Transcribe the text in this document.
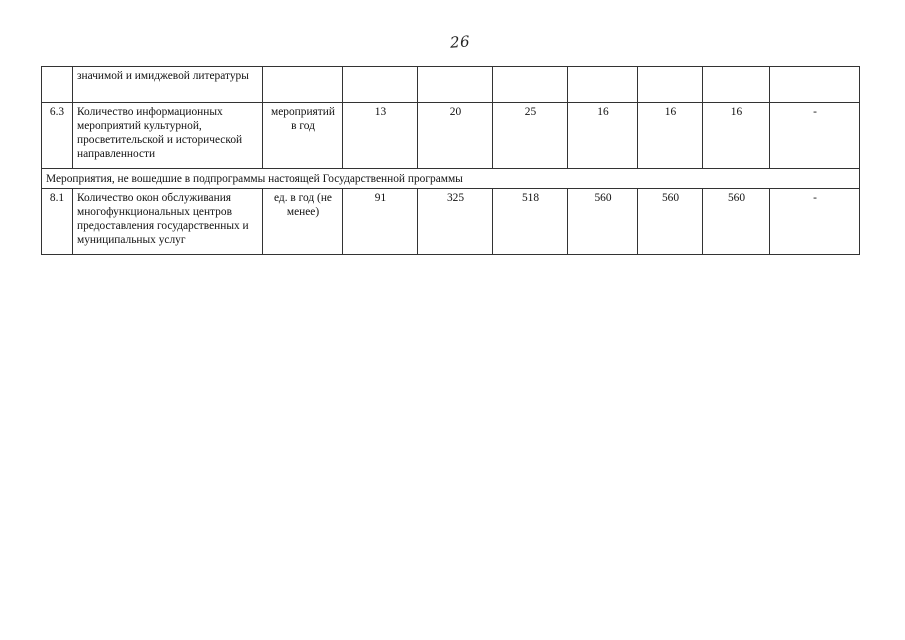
26
	значимой и имиджевой литературы								
6.3	Количество информационных мероприятий культурной, просветительской и исторической направленности	мероприятий в год	13	20	25	16	16	16	-
Мероприятия, не вошедшие в подпрограммы настоящей Государственной программы									
8.1	Количество окон обслуживания многофункциональных центров предоставления государственных и муниципальных услуг	ед. в год (не менее)	91	325	518	560	560	560	-
